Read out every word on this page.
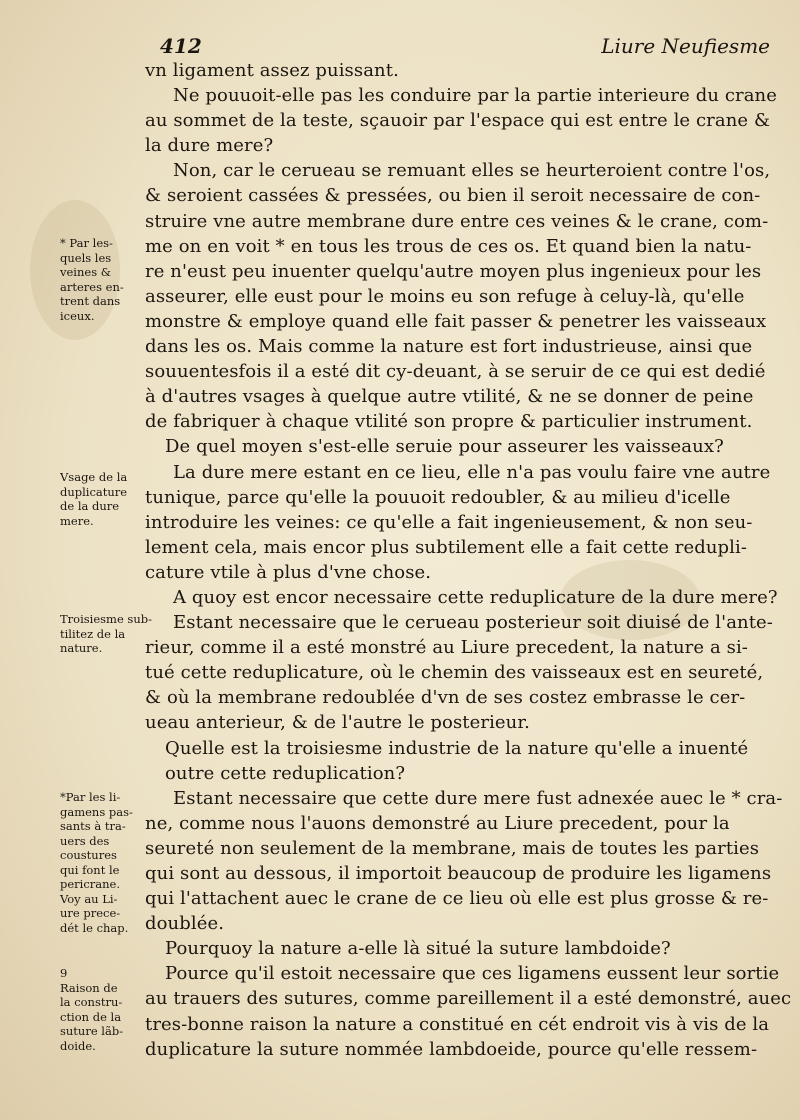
412	Liure Neufiesme
vn ligament assez puissant.
Ne pouuoit-elle pas les conduire par la partie interieure du crane
au sommet de la teste, sçauoir par l'espace qui est entre le crane &
la dure mere?
Non, car le cerueau se remuant elles se heurteroient contre l'os,
& seroient cassées & pressées, ou bien il seroit necessaire de con-
struire vne autre membrane dure entre ces veines & le crane, com-
me on en voit * en tous les trous de ces os. Et quand bien la natu-
re n'eust peu inuenter quelqu'autre moyen plus ingenieux pour les
asseurer, elle eust pour le moins eu son refuge à celuy-là, qu'elle
monstre & employe quand elle fait passer & penetrer les vaisseaux
dans les os. Mais comme la nature est fort industrieuse, ainsi que
souuentesfois il a esté dit cy-deuant, à se seruir de ce qui est dedié
à d'autres vsages à quelque autre vtilité, & ne se donner de peine
de fabriquer à chaque vtilité son propre & particulier instrument.
De quel moyen s'est-elle seruie pour asseurer les vaisseaux?
La dure mere estant en ce lieu, elle n'a pas voulu faire vne autre
tunique, parce qu'elle la pouuoit redoubler, & au milieu d'icelle
introduire les veines: ce qu'elle a fait ingenieusement, & non seu-
lement cela, mais encor plus subtilement elle a fait cette redupli-
cature vtile à plus d'vne chose.
A quoy est encor necessaire cette reduplicature de la dure mere?
Estant necessaire que le cerueau posterieur soit diuisé de l'ante-
rieur, comme il a esté monstré au Liure precedent, la nature a si-
tué cette reduplicature, où le chemin des vaisseaux est en seureté,
& où la membrane redoublée d'vn de ses costez embrasse le cer-
ueau anterieur, & de l'autre le posterieur.
Quelle est la troisiesme industrie de la nature qu'elle a inuenté
outre cette reduplication?
Estant necessaire que cette dure mere fust adnexée auec le * cra-
ne, comme nous l'auons demonstré au Liure precedent, pour la
seureté non seulement de la membrane, mais de toutes les parties
qui sont au dessous, il importoit beaucoup de produire les ligamens
qui l'attachent auec le crane de ce lieu où elle est plus grosse & re-
doublée.
Pourquoy la nature a-elle là situé la suture lambdoide?
Pource qu'il estoit necessaire que ces ligamens eussent leur sortie
au trauers des sutures, comme pareillement il a esté demonstré, auec
tres-bonne raison la nature a constitué en cét endroit vis à vis de la
duplicature la suture nommée lambdoeide, pource qu'elle ressem-
* Par les-
quels les
veines &
arteres en-
trent dans
iceux.
Vsage de la
duplicature
de la dure
mere.
Troisiesme sub-
tilitez de la
nature.
*Par les li-
gamens pas-
sants à tra-
uers des
coustures
qui font le
pericrane.
Voy au Li-
ure prece-
dét le chap.
9
Raison de
la constru-
ction de la
suture lãb-
doide.
